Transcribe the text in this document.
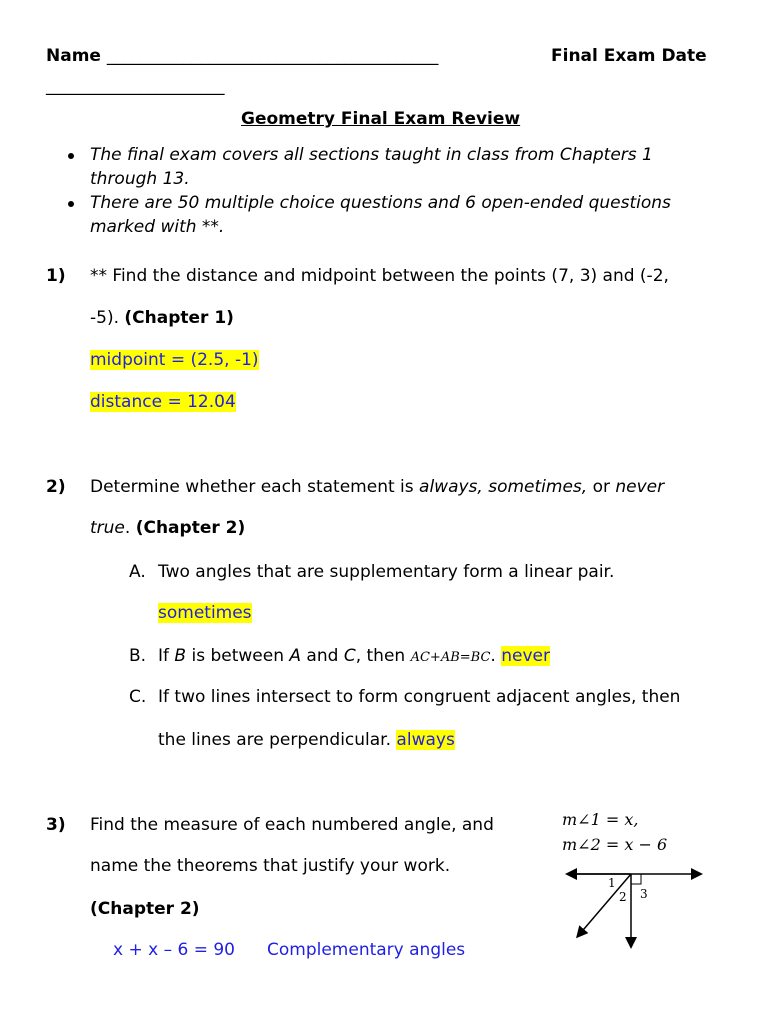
Name _______________________________________	Final Exam Date
_____________________
Geometry Final Exam Review
The final exam covers all sections taught in class from Chapters 1
through 13.
There are 50 multiple choice questions and 6 open-ended questions
marked with **.
1) ** Find the distance and midpoint between the points (7, 3) and (-2,
-5). (Chapter 1)
midpoint = (2.5, -1)
distance = 12.04
2) Determine whether each statement is always, sometimes, or never
true. (Chapter 2)
A. Two angles that are supplementary form a linear pair.
sometimes
B. If B is between A and C, then AC+AB=BC. never
C. If two lines intersect to form congruent adjacent angles, then
the lines are perpendicular. always
3) Find the measure of each numbered angle, and
name the theorems that justify your work.
(Chapter 2)
x + x – 6 = 90 Complementary angles
m∠1 = x,
m∠2 = x − 6
1
2 3
